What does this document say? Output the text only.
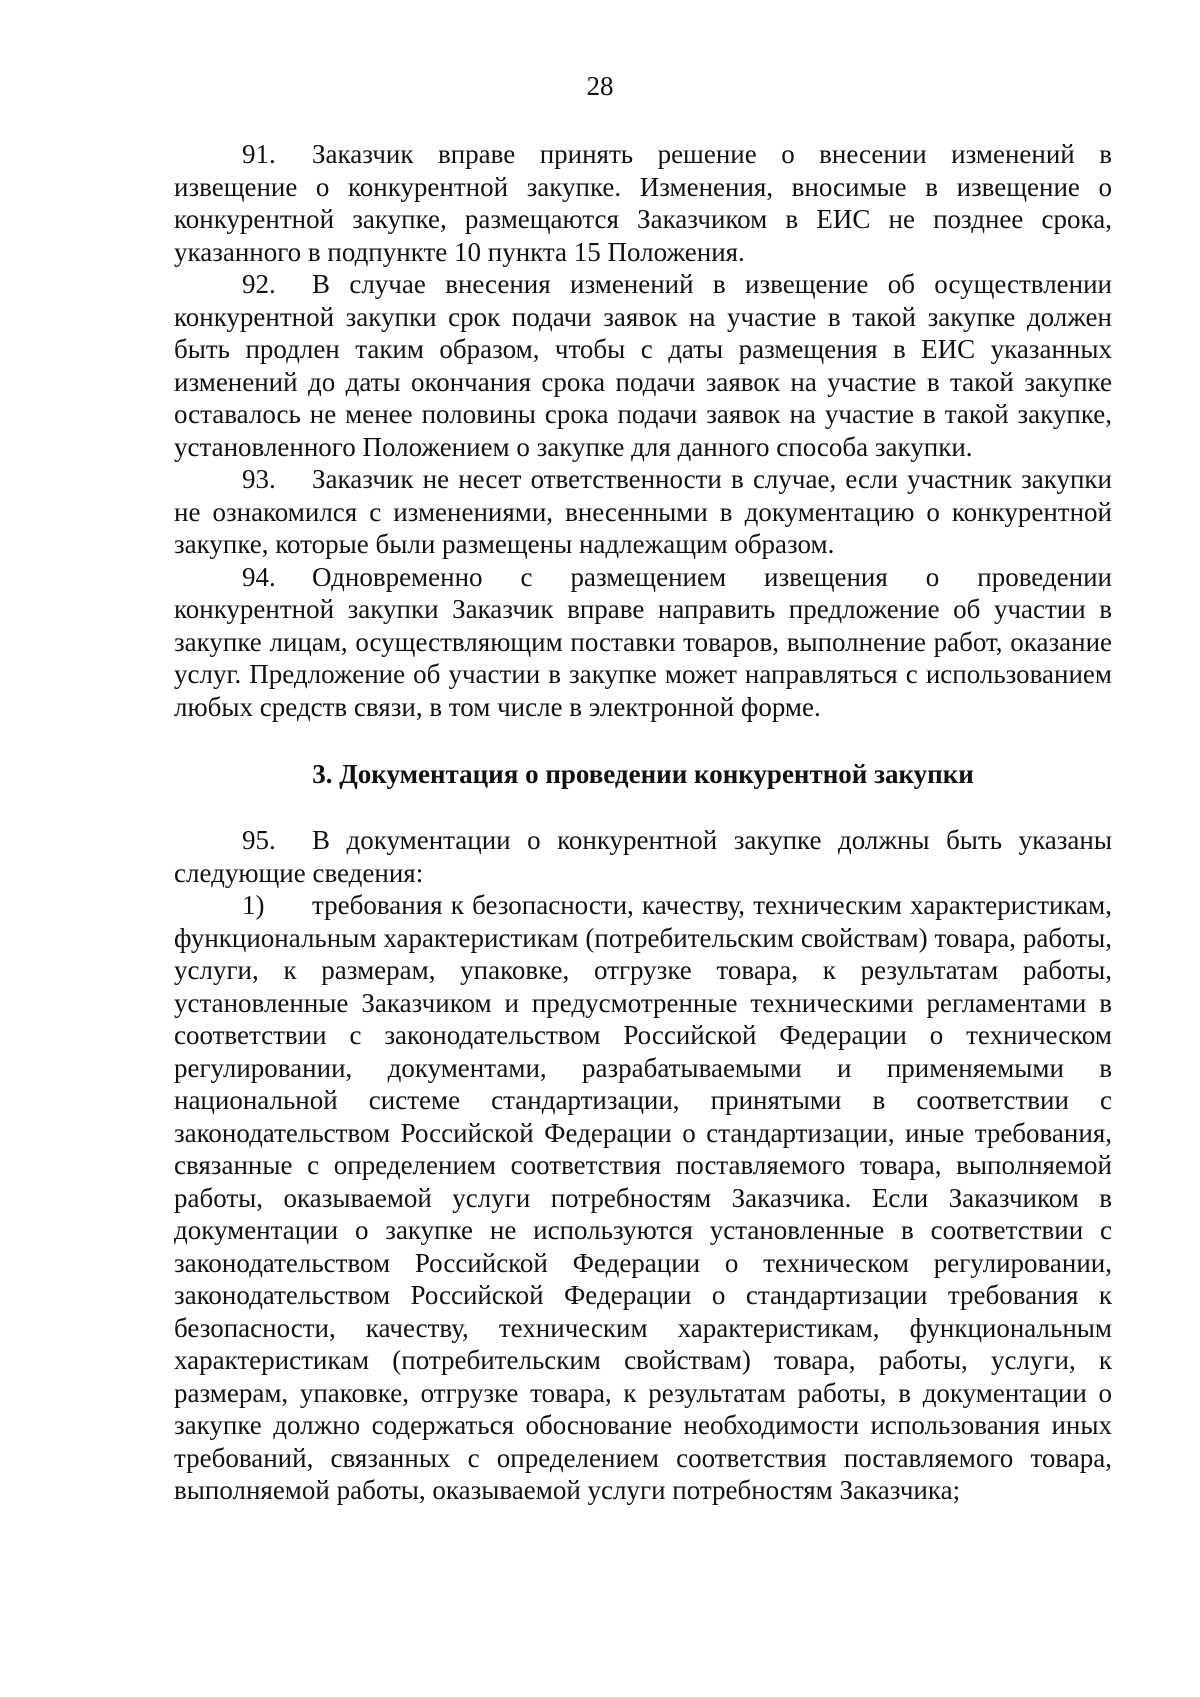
28

91. Заказчик вправе принять решение о внесении изменений в извещение о конкурентной закупке. Изменения, вносимые в извещение о конкурентной закупке, размещаются Заказчиком в ЕИС не позднее срока, указанного в подпункте 10 пункта 15 Положения.

92. В случае внесения изменений в извещение об осуществлении конкурентной закупки срок подачи заявок на участие в такой закупке должен быть продлен таким образом, чтобы с даты размещения в ЕИС указанных изменений до даты окончания срока подачи заявок на участие в такой закупке оставалось не менее половины срока подачи заявок на участие в такой закупке, установленного Положением о закупке для данного способа закупки.

93. Заказчик не несет ответственности в случае, если участник закупки не ознакомился с изменениями, внесенными в документацию о конкурентной закупке, которые были размещены надлежащим образом.

94. Одновременно с размещением извещения о проведении конкурентной закупки Заказчик вправе направить предложение об участии в закупке лицам, осуществляющим поставки товаров, выполнение работ, оказание услуг. Предложение об участии в закупке может направляться с использованием любых средств связи, в том числе в электронной форме.

3. Документация о проведении конкурентной закупки

95. В документации о конкурентной закупке должны быть указаны следующие сведения:

1) требования к безопасности, качеству, техническим характеристикам, функциональным характеристикам (потребительским свойствам) товара, работы, услуги, к размерам, упаковке, отгрузке товара, к результатам работы, установленные Заказчиком и предусмотренные техническими регламентами в соответствии с законодательством Российской Федерации о техническом регулировании, документами, разрабатываемыми и применяемыми в национальной системе стандартизации, принятыми в соответствии с законодательством Российской Федерации о стандартизации, иные требования, связанные с определением соответствия поставляемого товара, выполняемой работы, оказываемой услуги потребностям Заказчика. Если Заказчиком в документации о закупке не используются установленные в соответствии с законодательством Российской Федерации о техническом регулировании, законодательством Российской Федерации о стандартизации требования к безопасности, качеству, техническим характеристикам, функциональным характеристикам (потребительским свойствам) товара, работы, услуги, к размерам, упаковке, отгрузке товара, к результатам работы, в документации о закупке должно содержаться обоснование необходимости использования иных требований, связанных с определением соответствия поставляемого товара, выполняемой работы, оказываемой услуги потребностям Заказчика;
